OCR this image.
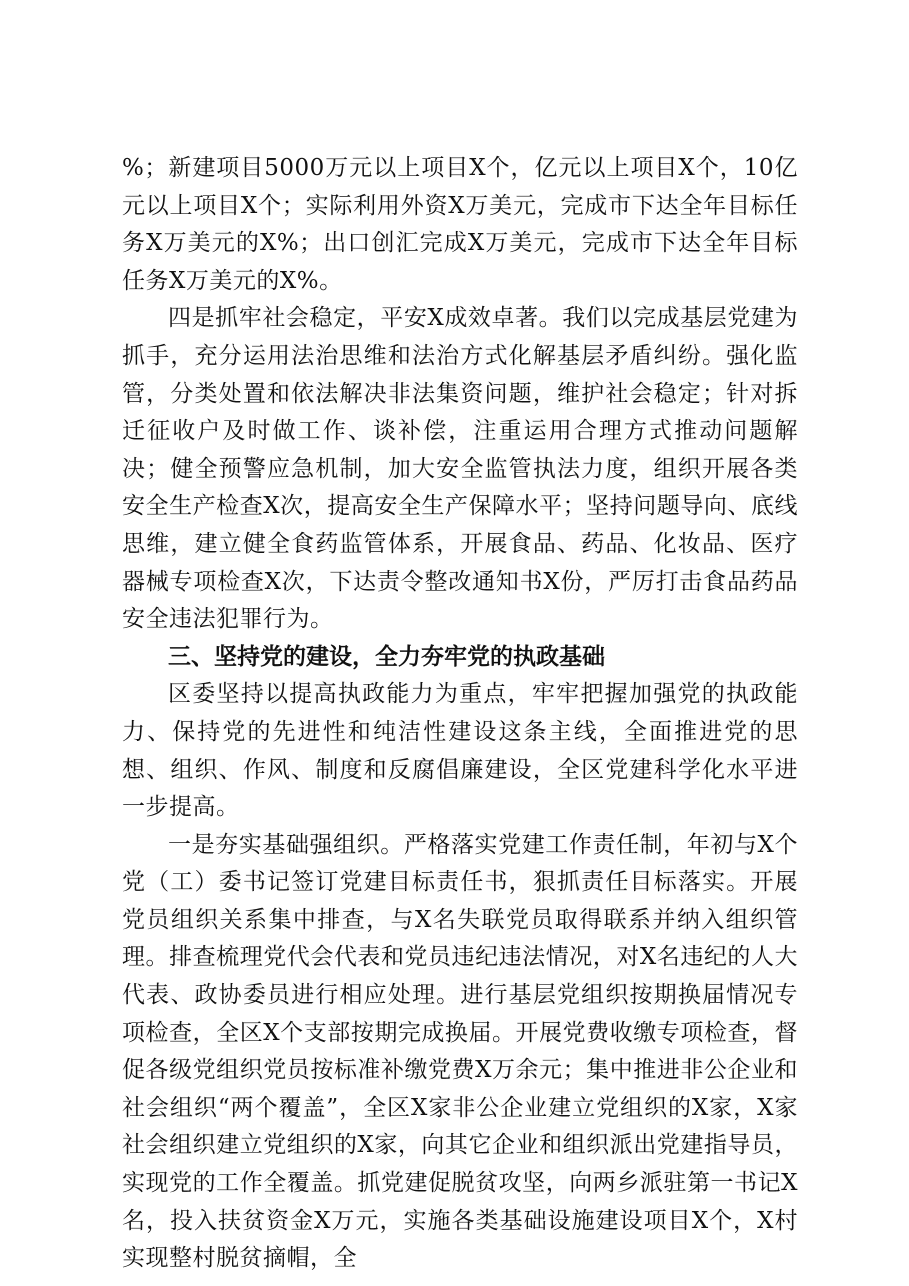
%；新建项目5000万元以上项目X个，亿元以上项目X个，10亿元以上项目X个；实际利用外资X万美元，完成市下达全年目标任务X万美元的X%；出口创汇完成X万美元，完成市下达全年目标任务X万美元的X%。

四是抓牢社会稳定，平安X成效卓著。我们以完成基层党建为抓手，充分运用法治思维和法治方式化解基层矛盾纠纷。强化监管，分类处置和依法解决非法集资问题，维护社会稳定；针对拆迁征收户及时做工作、谈补偿，注重运用合理方式推动问题解决；健全预警应急机制，加大安全监管执法力度，组织开展各类安全生产检查X次，提高安全生产保障水平；坚持问题导向、底线思维，建立健全食药监管体系，开展食品、药品、化妆品、医疗器械专项检查X次，下达责令整改通知书X份，严厉打击食品药品安全违法犯罪行为。

三、坚持党的建设，全力夯牢党的执政基础

区委坚持以提高执政能力为重点，牢牢把握加强党的执政能力、保持党的先进性和纯洁性建设这条主线，全面推进党的思想、组织、作风、制度和反腐倡廉建设，全区党建科学化水平进一步提高。

一是夯实基础强组织。严格落实党建工作责任制，年初与X个党（工）委书记签订党建目标责任书，狠抓责任目标落实。开展党员组织关系集中排查，与X名失联党员取得联系并纳入组织管理。排查梳理党代会代表和党员违纪违法情况，对X名违纪的人大代表、政协委员进行相应处理。进行基层党组织按期换届情况专项检查，全区X个支部按期完成换届。开展党费收缴专项检查，督促各级党组织党员按标准补缴党费X万余元；集中推进非公企业和社会组织“两个覆盖”，全区X家非公企业建立党组织的X家，X家社会组织建立党组织的X家，向其它企业和组织派出党建指导员，实现党的工作全覆盖。抓党建促脱贫攻坚，向两乡派驻第一书记X名，投入扶贫资金X万元，实施各类基础设施建设项目X个，X村实现整村脱贫摘帽，全
